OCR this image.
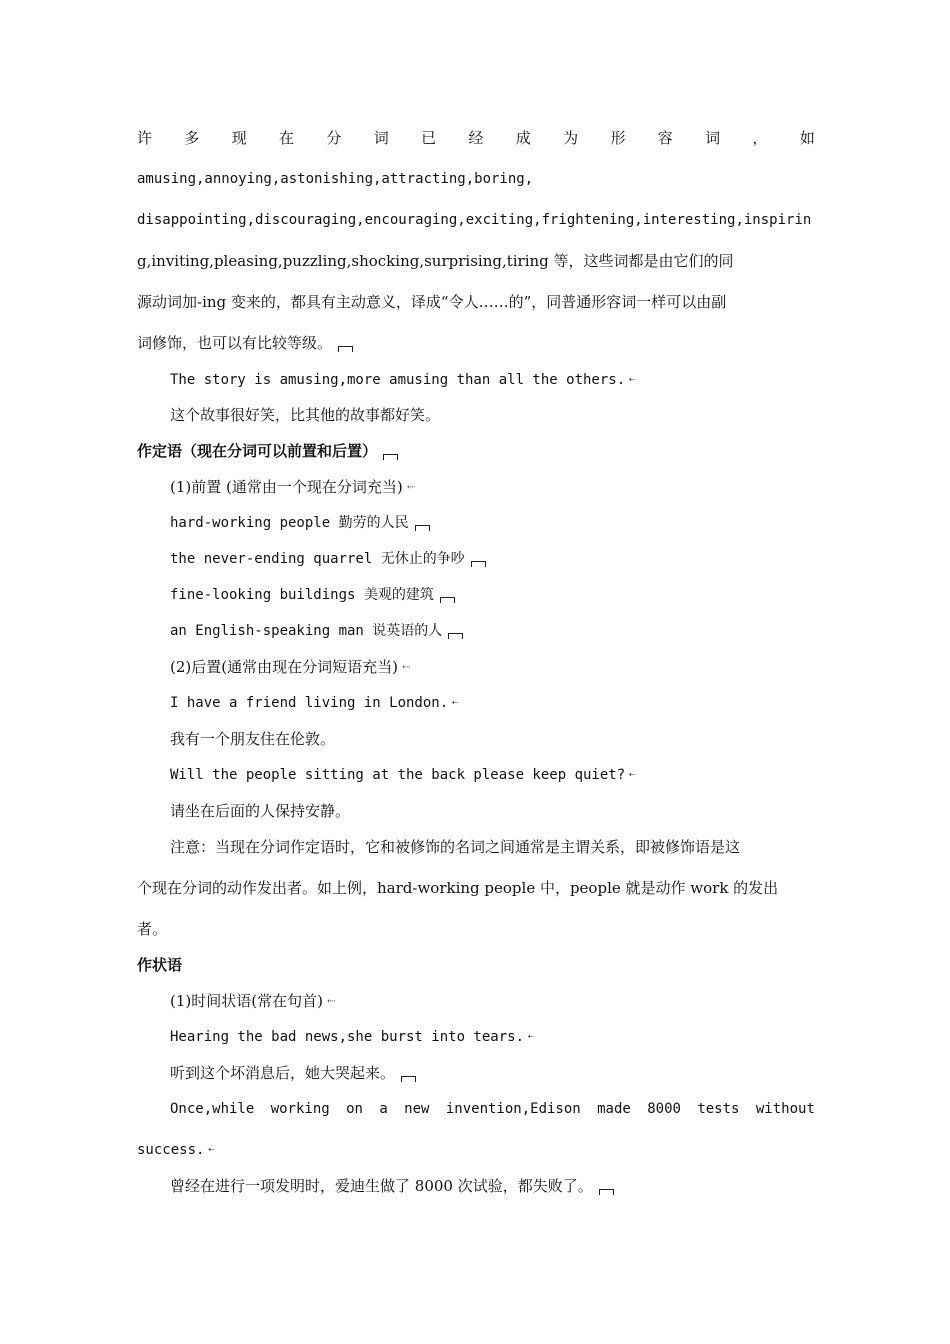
许 多 现 在 分 词 已 经 成 为 形 容 词 ， 如
amusing,annoying,astonishing,attracting,boring,
disappointing,discouraging,encouraging,exciting,frightening,interesting,inspirin
g,inviting,pleasing,puzzling,shocking,surprising,tiring 等，这些词都是由它们的同
源动词加-ing 变来的，都具有主动意义，译成“令人……的”，同普通形容词一样可以由副
词修饰，也可以有比较等级。
The story is amusing,more amusing than all the others. ⇠
这个故事很好笑，比其他的故事都好笑。
作定语（现在分词可以前置和后置）
(1)前置 (通常由一个现在分词充当) ⇠
hard-working people 勤劳的人民
the never-ending quarrel 无休止的争吵
fine-looking buildings 美观的建筑
an English-speaking man 说英语的人
(2)后置(通常由现在分词短语充当) ⇠
I have a friend living in London. ⇠
我有一个朋友住在伦敦。
Will the people sitting at the back please keep quiet? ⇠
请坐在后面的人保持安静。
注意：当现在分词作定语时，它和被修饰的名词之间通常是主谓关系，即被修饰语是这
个现在分词的动作发出者。如上例，hard-working people 中，people 就是动作 work 的发出
者。
作状语
(1)时间状语(常在句首) ⇠
Hearing the bad news,she burst into tears. ⇠
听到这个坏消息后，她大哭起来。
Once,while working on a new invention,Edison made 8000 tests without
success. ⇠
曾经在进行一项发明时，爱迪生做了 8000 次试验，都失败了。
